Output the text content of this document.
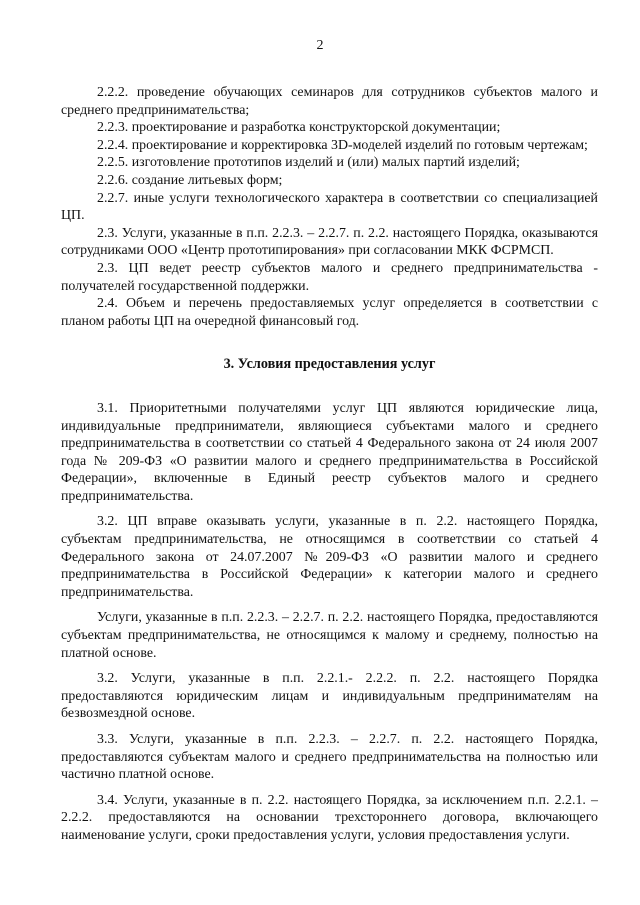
2

2.2.2. проведение обучающих семинаров для сотрудников субъектов малого и среднего предпринимательства;

2.2.3. проектирование и разработка конструкторской документации;

2.2.4. проектирование и корректировка 3D-моделей изделий по готовым чертежам;

2.2.5. изготовление прототипов изделий и (или) малых партий изделий;

2.2.6. создание литьевых форм;

2.2.7. иные услуги технологического характера в соответствии со специализацией ЦП.

2.3. Услуги, указанные в п.п. 2.2.3. – 2.2.7. п. 2.2. настоящего Порядка, оказываются сотрудниками ООО «Центр прототипирования» при согласовании МКК ФСРМСП.

2.3. ЦП ведет реестр субъектов малого и среднего предпринимательства - получателей государственной поддержки.

2.4. Объем и перечень предоставляемых услуг определяется в соответствии с планом работы ЦП на очередной финансовый год.

3. Условия предоставления услуг

3.1. Приоритетными получателями услуг ЦП являются юридические лица, индивидуальные предприниматели, являющиеся субъектами малого и среднего предпринимательства в соответствии со статьей 4 Федерального закона от 24 июля 2007 года № 209-ФЗ «О развитии малого и среднего предпринимательства в Российской Федерации», включенные в Единый реестр субъектов малого и среднего предпринимательства.

3.2. ЦП вправе оказывать услуги, указанные в п. 2.2. настоящего Порядка, субъектам предпринимательства, не относящимся в соответствии со статьей 4 Федерального закона от 24.07.2007 №209-ФЗ «О развитии малого и среднего предпринимательства в Российской Федерации» к категории малого и среднего предпринимательства.

Услуги, указанные в п.п. 2.2.3. – 2.2.7. п. 2.2. настоящего Порядка, предоставляются субъектам предпринимательства, не относящимся к малому и среднему, полностью на платной основе.

3.2. Услуги, указанные в п.п. 2.2.1.- 2.2.2. п. 2.2. настоящего Порядка предоставляются юридическим лицам и индивидуальным предпринимателям на безвозмездной основе.

3.3. Услуги, указанные в п.п. 2.2.3. – 2.2.7. п. 2.2. настоящего Порядка, предоставляются субъектам малого и среднего предпринимательства на полностью или частично платной основе.

3.4. Услуги, указанные в п. 2.2. настоящего Порядка, за исключением п.п. 2.2.1. – 2.2.2. предоставляются на основании трехстороннего договора, включающего наименование услуги, сроки предоставления услуги, условия предоставления услуги.
